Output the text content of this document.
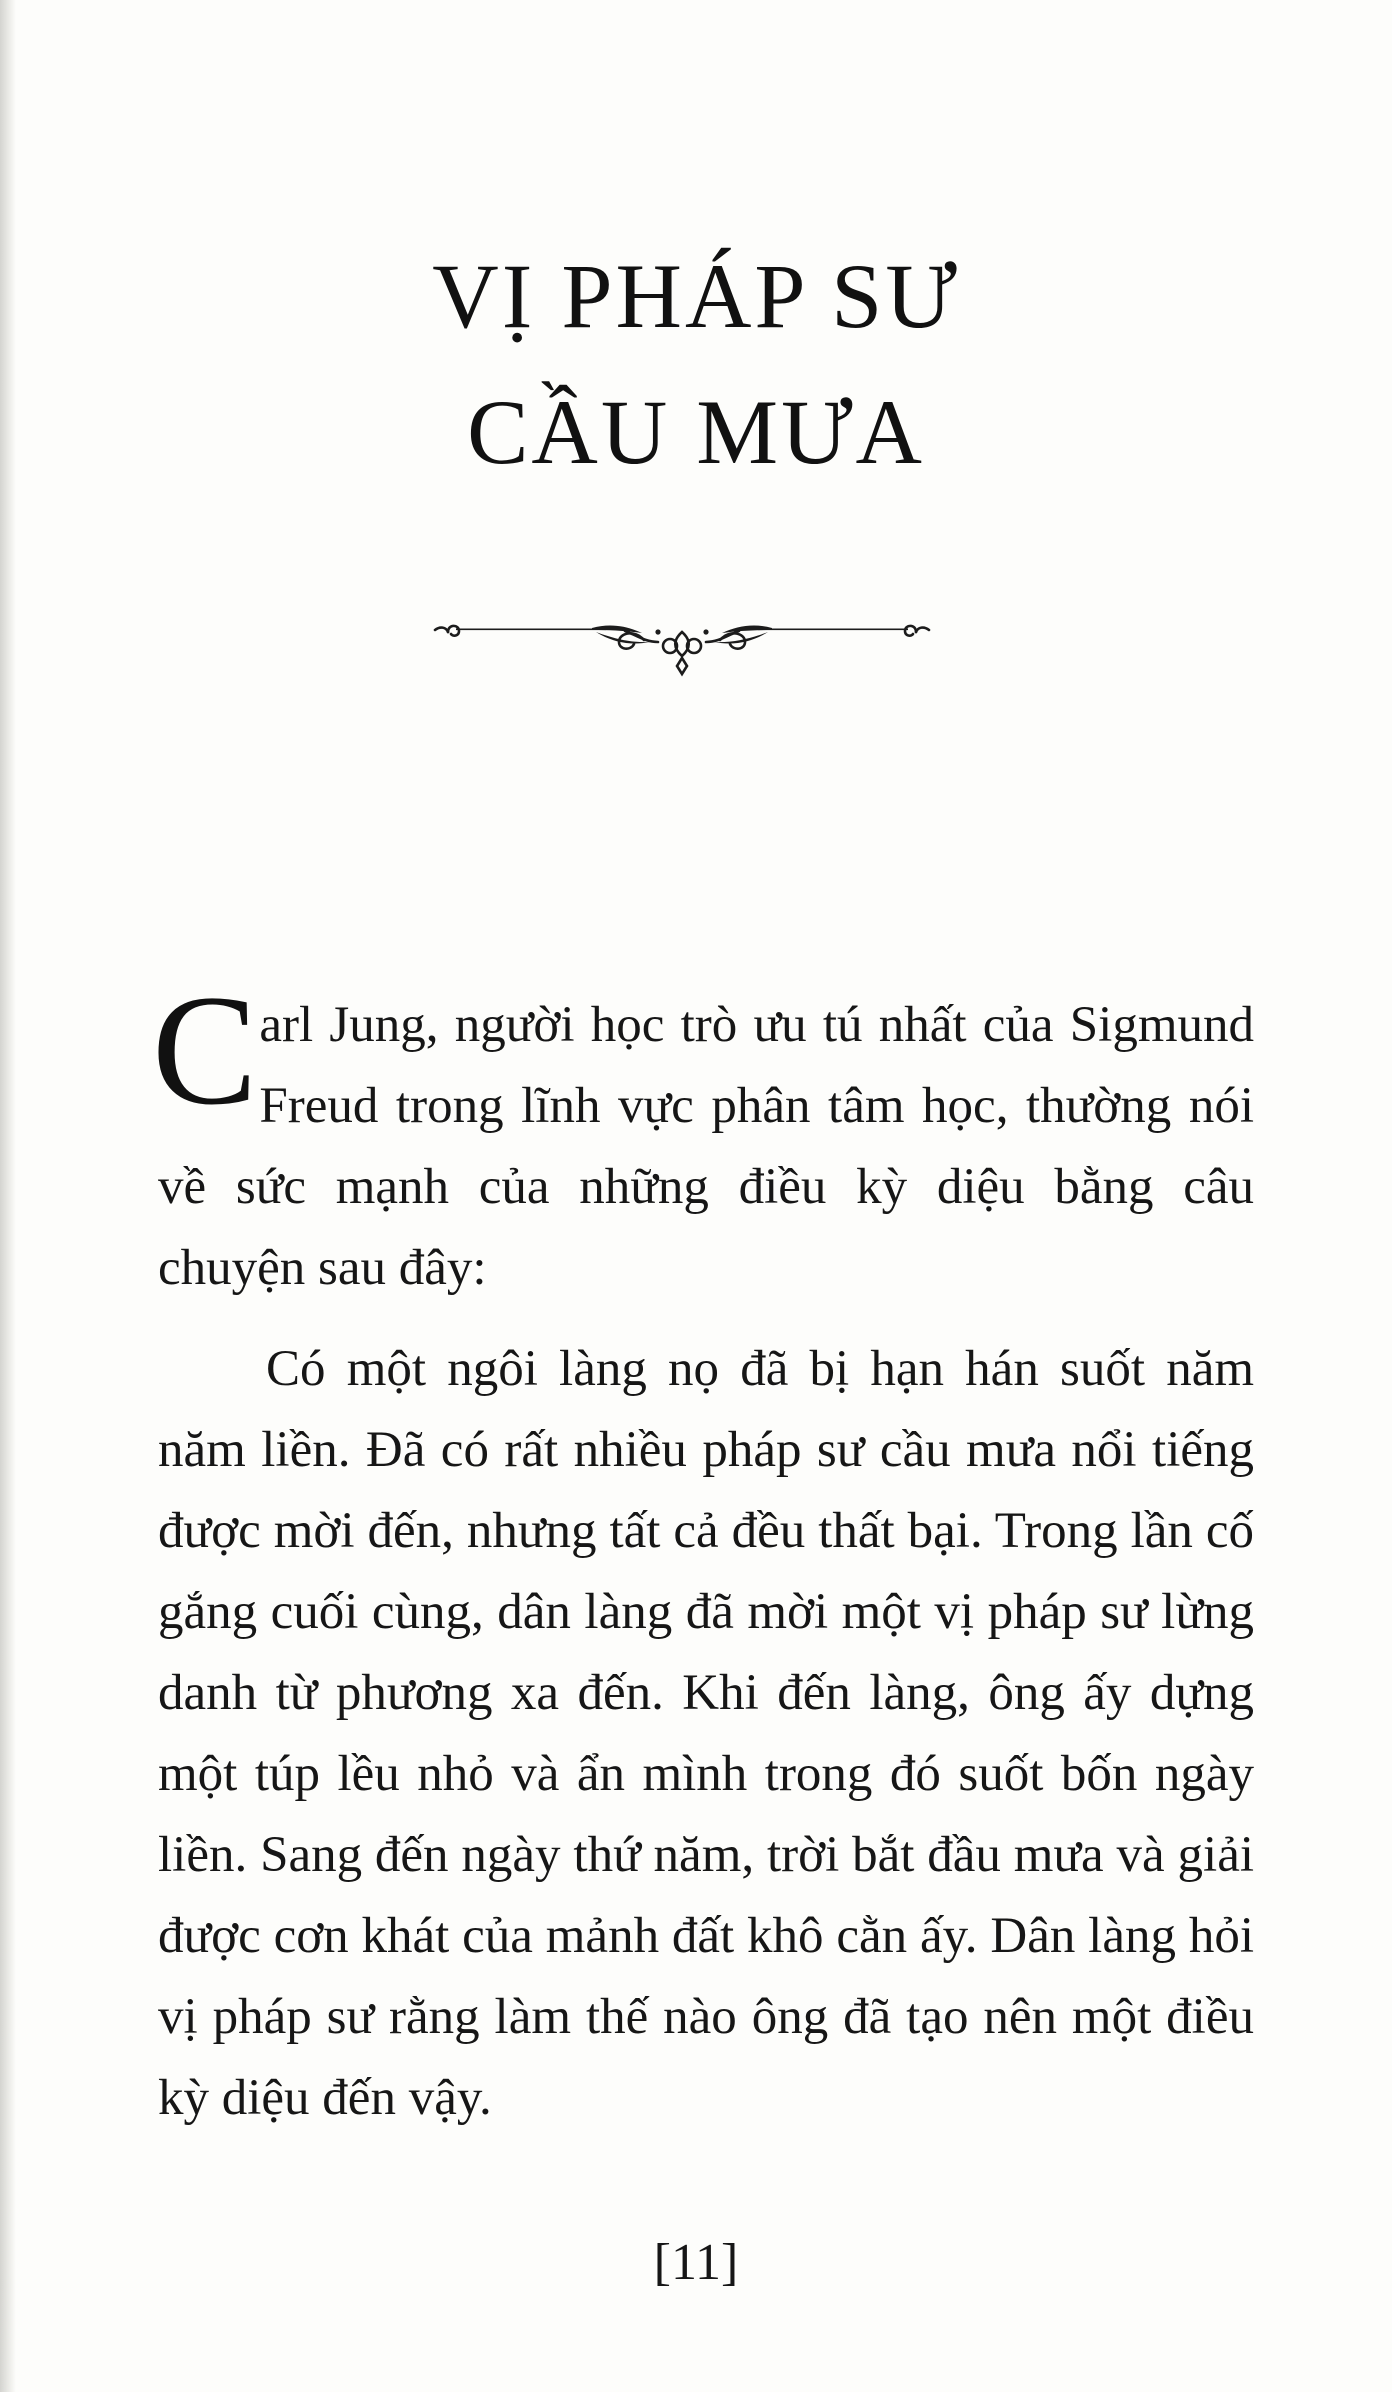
VỊ PHÁP SƯ
CẦU MƯA

Carl Jung, người học trò ưu tú nhất của Sigmund Freud trong lĩnh vực phân tâm học, thường nói về sức mạnh của những điều kỳ diệu bằng câu chuyện sau đây:

Có một ngôi làng nọ đã bị hạn hán suốt năm năm liền. Đã có rất nhiều pháp sư cầu mưa nổi tiếng được mời đến, nhưng tất cả đều thất bại. Trong lần cố gắng cuối cùng, dân làng đã mời một vị pháp sư lừng danh từ phương xa đến. Khi đến làng, ông ấy dựng một túp lều nhỏ và ẩn mình trong đó suốt bốn ngày liền. Sang đến ngày thứ năm, trời bắt đầu mưa và giải được cơn khát của mảnh đất khô cằn ấy. Dân làng hỏi vị pháp sư rằng làm thế nào ông đã tạo nên một điều kỳ diệu đến vậy.

[11]
